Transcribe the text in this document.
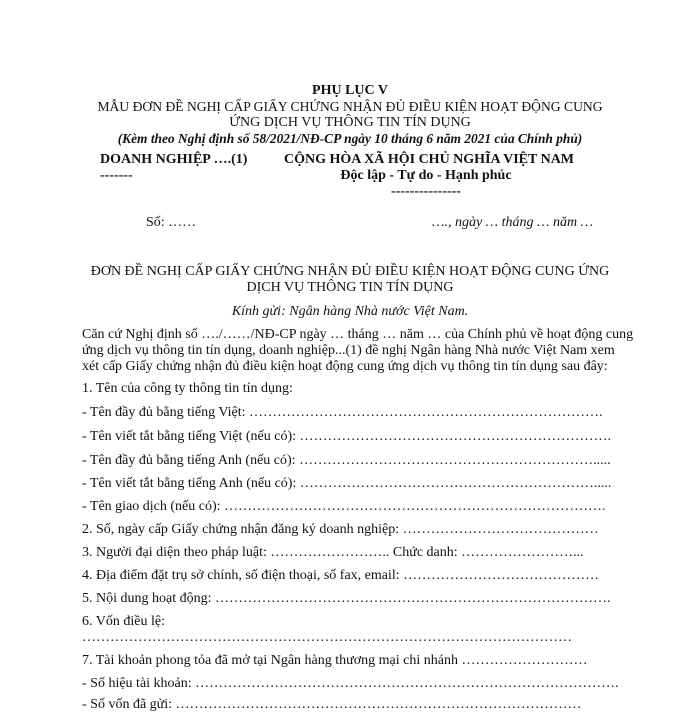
PHỤ LỤC V
MẪU ĐƠN ĐỀ NGHỊ CẤP GIẤY CHỨNG NHẬN ĐỦ ĐIỀU KIỆN HOẠT ĐỘNG CUNG
ỨNG DỊCH VỤ THÔNG TIN TÍN DỤNG
(Kèm theo Nghị định số 58/2021/NĐ-CP ngày 10 tháng 6 năm 2021 của Chính phủ)
DOANH NGHIỆP ….(1)
-------
CỘNG HÒA XÃ HỘI CHỦ NGHĨA VIỆT NAM
Độc lập - Tự do - Hạnh phúc
---------------
Số: ……	…., ngày … tháng … năm …
ĐƠN ĐỀ NGHỊ CẤP GIẤY CHỨNG NHẬN ĐỦ ĐIỀU KIỆN HOẠT ĐỘNG CUNG ỨNG
DỊCH VỤ THÔNG TIN TÍN DỤNG
Kính gửi: Ngân hàng Nhà nước Việt Nam.
Căn cứ Nghị định số …./……/NĐ-CP ngày … tháng … năm … của Chính phủ về hoạt động cung
ứng dịch vụ thông tin tín dụng, doanh nghiệp...(1) đề nghị Ngân hàng Nhà nước Việt Nam xem
xét cấp Giấy chứng nhận đủ điều kiện hoạt động cung ứng dịch vụ thông tin tín dụng sau đây:
1. Tên của công ty thông tin tín dụng:
- Tên đầy đủ bằng tiếng Việt: ………………………………………………………………….
- Tên viết tắt bằng tiếng Việt (nếu có): ………………………………………………………….
- Tên đầy đủ bằng tiếng Anh (nếu có): ……………………………………………………….....
- Tên viết tắt bằng tiếng Anh (nếu có): ……………………………………………………….....
- Tên giao dịch (nếu có): ……………………………………………………………………….
2. Số, ngày cấp Giấy chứng nhận đăng ký doanh nghiệp: ……………………………………
3. Người đại diện theo pháp luật: …………………….. Chức danh: ……………………...
4. Địa điểm đặt trụ sở chính, số điện thoại, số fax, email: ……………………………………
5. Nội dung hoạt động: ………………………………………………………………………….
6. Vốn điều lệ:
……………………………………………………………………………………………
7. Tài khoản phong tỏa đã mở tại Ngân hàng thương mại chi nhánh ………………………
- Số hiệu tài khoản: ……………………………………………………………………………….
- Số vốn đã gửi: ……………………………………………………………………………
